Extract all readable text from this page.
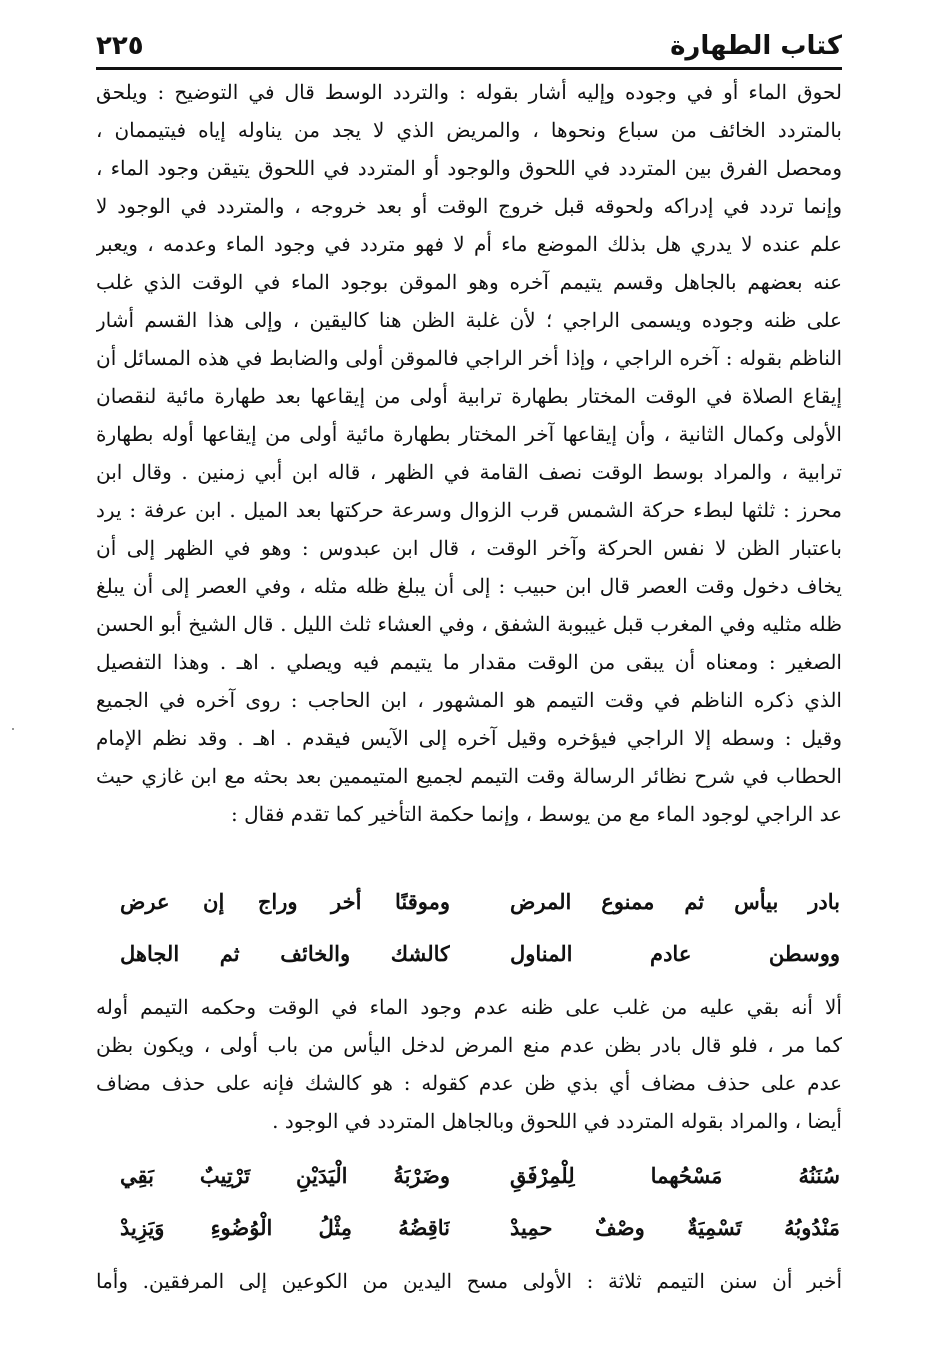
كتاب الطهارة
٢٢٥
لحوق الماء أو في وجوده وإليه أشار بقوله : والتردد الوسط قال في التوضيح : ويلحق
بالمتردد الخائف من سباع ونحوها ، والمريض الذي لا يجد من يناوله إياه فيتيممان ،
ومحصل الفرق بين المتردد في اللحوق والوجود أو المتردد في اللحوق يتيقن وجود الماء ،
وإنما تردد في إدراكه ولحوقه قبل خروج الوقت أو بعد خروجه ، والمتردد في الوجود لا
علم عنده لا يدري هل بذلك الموضع ماء أم لا فهو متردد في وجود الماء وعدمه ، ويعبر
عنه بعضهم بالجاهل وقسم يتيمم آخره وهو الموقن بوجود الماء في الوقت الذي غلب
على ظنه وجوده ويسمى الراجي ؛ لأن غلبة الظن هنا كاليقين ، وإلى هذا القسم أشار
الناظم بقوله : آخره الراجي ، وإذا أخر الراجي فالموقن أولى والضابط في هذه المسائل أن
إيقاع الصلاة في الوقت المختار بطهارة ترابية أولى من إيقاعها بعد طهارة مائية لنقصان
الأولى وكمال الثانية ، وأن إيقاعها آخر المختار بطهارة مائية أولى من إيقاعها أوله بطهارة
ترابية ، والمراد بوسط الوقت نصف القامة في الظهر ، قاله ابن أبي زمنين . وقال ابن
محرز : ثلثها لبطء حركة الشمس قرب الزوال وسرعة حركتها بعد الميل . ابن عرفة : يرد
باعتبار الظن لا نفس الحركة وآخر الوقت ، قال ابن عبدوس : وهو في الظهر إلى أن
يخاف دخول وقت العصر قال ابن حبيب : إلى أن يبلغ ظله مثله ، وفي العصر إلى أن يبلغ
ظله مثليه وفي المغرب قبل غيبوبة الشفق ، وفي العشاء ثلث الليل . قال الشيخ أبو الحسن
الصغير : ومعناه أن يبقى من الوقت مقدار ما يتيمم فيه ويصلي . اهـ . وهذا التفصيل
الذي ذكره الناظم في وقت التيمم هو المشهور ، ابن الحاجب : روى آخره في الجميع
وقيل : وسطه إلا الراجي فيؤخره وقيل آخره إلى الآيس فيقدم . اهـ . وقد نظم الإمام
الحطاب في شرح نظائر الرسالة وقت التيمم لجميع المتيممين بعد بحثه مع ابن غازي حيث
عد الراجي لوجود الماء مع من يوسط ، وإنما حكمة التأخير كما تقدم فقال :
بادر بيأس ثم ممنوع المرض
وموقنًا أخر وراج إن عرض
ووسطن عادم المناول
كالشك والخائف ثم الجاهل
ألا أنه بقي عليه من غلب على ظنه عدم وجود الماء في الوقت وحكمه التيمم أوله
كما مر ، فلو قال بادر بظن عدم منع المرض لدخل اليأس من باب أولى ، ويكون بظن
عدم على حذف مضاف أي بذي ظن عدم كقوله : هو كالشك فإنه على حذف مضاف
أيضا ، والمراد بقوله المتردد في اللحوق وبالجاهل المتردد في الوجود .
سُنَنُهُ مَسْحُهما لِلْمِرْفَقِ
وضَرْبَةُ الْيَدَيْنِ تَرْتِيبٌ بَقِي
مَنْدُوبُهُ تَسْمِيَةٌ وصْفٌ حمِيدْ
نَاقِضُهُ مِثْلُ الْوُضُوءِ وَيَزِيدْ
أخبر أن سنن التيمم ثلاثة : الأولى مسح اليدين من الكوعين إلى المرفقين. وأما
